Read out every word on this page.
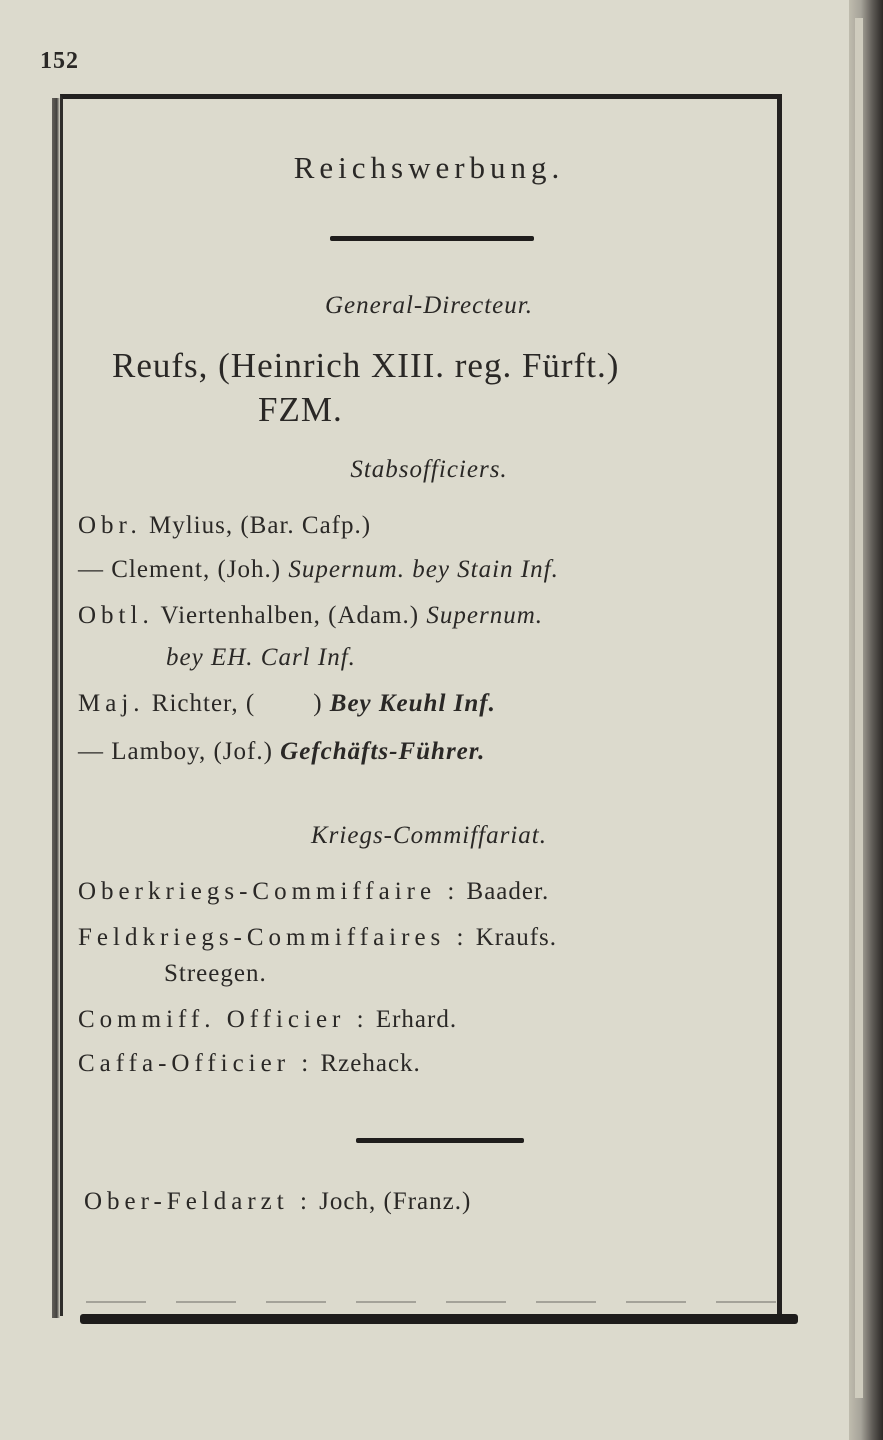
152
Reichswerbung.
General-Directeur.
Reufs, (Heinrich XIII. reg. Fürft.)
FZM.
Stabsofficiers.
Obr. Mylius, (Bar. Cafp.)
— Clement, (Joh.) Supernum. bey Stain Inf.
Obtl. Viertenhalben, (Adam.) Supernum.
bey EH. Carl Inf.
Maj. Richter, (        ) Bey Keuhl Inf.
— Lamboy, (Jof.) Gefchäfts-Führer.
Kriegs-Commiffariat.
Oberkriegs-Commiffaire : Baader.
Feldkriegs-Commiffaires : Kraufs.
Streegen.
Commiff. Officier : Erhard.
Caffa-Officier : Rzehack.
Ober-Feldarzt : Joch, (Franz.)
